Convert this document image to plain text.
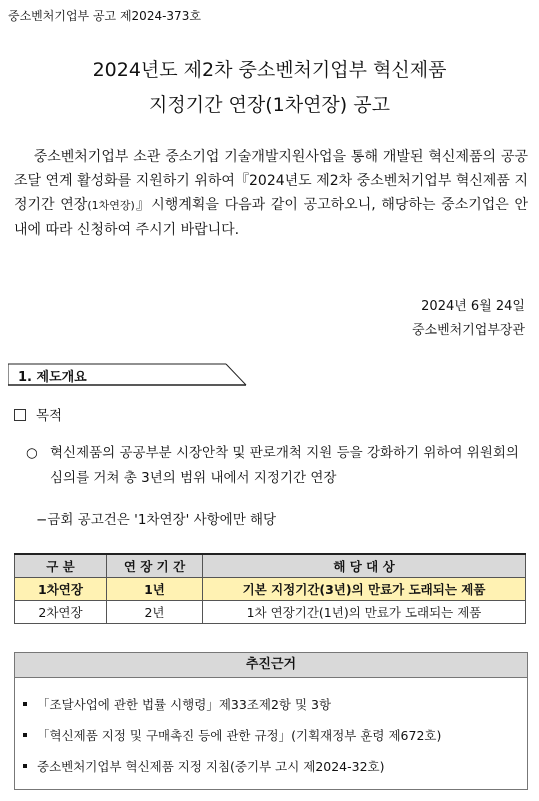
중소벤처기업부 공고 제2024-373호
2024년도 제2차 중소벤처기업부 혁신제품
지정기간 연장(1차연장) 공고
중소벤처기업부 소관 중소기업 기술개발지원사업을 통해 개발된 혁신제품의 공공조달 연계 활성화를 지원하기 위하여『2024년도 제2차 중소벤처기업부 혁신제품 지정기간 연장(1차연장)』시행계획을 다음과 같이 공고하오니, 해당하는 중소기업은 안내에 따라 신청하여 주시기 바랍니다.
2024년 6월 24일
중소벤처기업부장관
1. 제도개요
목적
○ 혁신제품의 공공부분 시장안착 및 판로개척 지원 등을 강화하기 위하여 위원회의 심의를 거쳐 총 3년의 범위 내에서 지정기간 연장
−금회 공고건은 '1차연장' 사항에만 해당
구 분	연 장 기 간	해 당 대 상
1차연장	1년	기본 지정기간(3년)의 만료가 도래되는 제품
2차연장	2년	1차 연장기간(1년)의 만료가 도래되는 제품
추진근거
「조달사업에 관한 법률 시행령」제33조제2항 및 3항
「혁신제품 지정 및 구매촉진 등에 관한 규정」(기획재정부 훈령 제672호)
중소벤처기업부 혁신제품 지정 지침(중기부 고시 제2024-32호)
